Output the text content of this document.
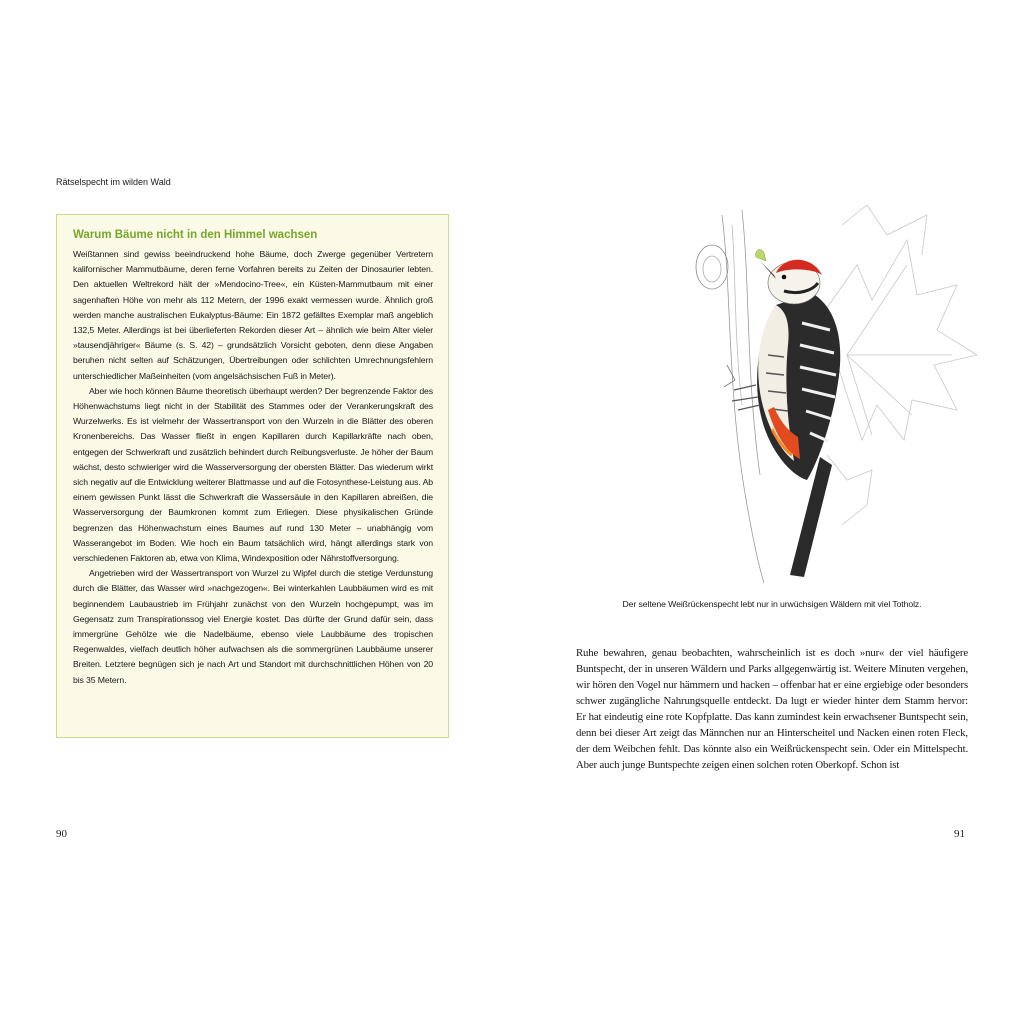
Rätselspecht im wilden Wald
Warum Bäume nicht in den Himmel wachsen

Weißtannen sind gewiss beeindruckend hohe Bäume, doch Zwerge gegenüber Vertretern kalifornischer Mammutbäume, deren ferne Vorfahren bereits zu Zeiten der Dinosaurier lebten. Den aktuellen Weltrekord hält der »Mendocino-Tree«, ein Küsten-Mammutbaum mit einer sagenhaften Höhe von mehr als 112 Metern, der 1996 exakt vermessen wurde. Ähnlich groß werden manche australischen Eukalyptus-Bäume: Ein 1872 gefälltes Exemplar maß angeblich 132,5 Meter. Allerdings ist bei überlieferten Rekorden dieser Art – ähnlich wie beim Alter vieler »tausendjähriger« Bäume (s. S. 42) – grundsätzlich Vorsicht geboten, denn diese Angaben beruhen nicht selten auf Schätzungen, Übertreibungen oder schlichten Umrechnungsfehlern unterschiedlicher Maßeinheiten (vom angelsächsischen Fuß in Meter).

Aber wie hoch können Bäume theoretisch überhaupt werden? Der begrenzende Faktor des Höhenwachstums liegt nicht in der Stabilität des Stammes oder der Verankerungskraft des Wurzelwerks. Es ist vielmehr der Wassertransport von den Wurzeln in die Blätter des oberen Kronenbereichs. Das Wasser fließt in engen Kapillaren durch Kapillarkräfte nach oben, entgegen der Schwerkraft und zusätzlich behindert durch Reibungsverluste. Je höher der Baum wächst, desto schwieriger wird die Wasserversorgung der obersten Blätter. Das wiederum wirkt sich negativ auf die Entwicklung weiterer Blattmasse und auf die Fotosynthese-Leistung aus. Ab einem gewissen Punkt lässt die Schwerkraft die Wassersäule in den Kapillaren abreißen, die Wasserversorgung der Baumkronen kommt zum Erliegen. Diese physikalischen Gründe begrenzen das Höhenwachstum eines Baumes auf rund 130 Meter – unabhängig vom Wasserangebot im Boden. Wie hoch ein Baum tatsächlich wird, hängt allerdings stark von verschiedenen Faktoren ab, etwa von Klima, Windexposition oder Nährstoffversorgung.

Angetrieben wird der Wassertransport von Wurzel zu Wipfel durch die stetige Verdunstung durch die Blätter, das Wasser wird »nachgezogen«. Bei winterkahlen Laubbäumen wird es mit beginnendem Laubaustrieb im Frühjahr zunächst von den Wurzeln hochgepumpt, was im Gegensatz zum Transpirationssog viel Energie kostet. Das dürfte der Grund dafür sein, dass immergrüne Gehölze wie die Nadelbäume, ebenso viele Laubbäume des tropischen Regenwaldes, vielfach deutlich höher aufwachsen als die sommergrünen Laubbäume unserer Breiten. Letztere begnügen sich je nach Art und Standort mit durchschnittlichen Höhen von 20 bis 35 Metern.

90
Der seltene Weißrückenspecht lebt nur in urwüchsigen Wäldern mit viel Totholz.

Ruhe bewahren, genau beobachten, wahrscheinlich ist es doch »nur« der viel häufigere Buntspecht, der in unseren Wäldern und Parks allgegenwärtig ist. Weitere Minuten vergehen, wir hören den Vogel nur hämmern und hacken – offenbar hat er eine ergiebige oder besonders schwer zugängliche Nahrungsquelle entdeckt. Da lugt er wieder hinter dem Stamm hervor: Er hat eindeutig eine rote Kopfplatte. Das kann zumindest kein erwachsener Buntspecht sein, denn bei dieser Art zeigt das Männchen nur an Hinterscheitel und Nacken einen roten Fleck, der dem Weibchen fehlt. Das könnte also ein Weißrückenspecht sein. Oder ein Mittelspecht. Aber auch junge Buntspechte zeigen einen solchen roten Oberkopf. Schon ist

91
